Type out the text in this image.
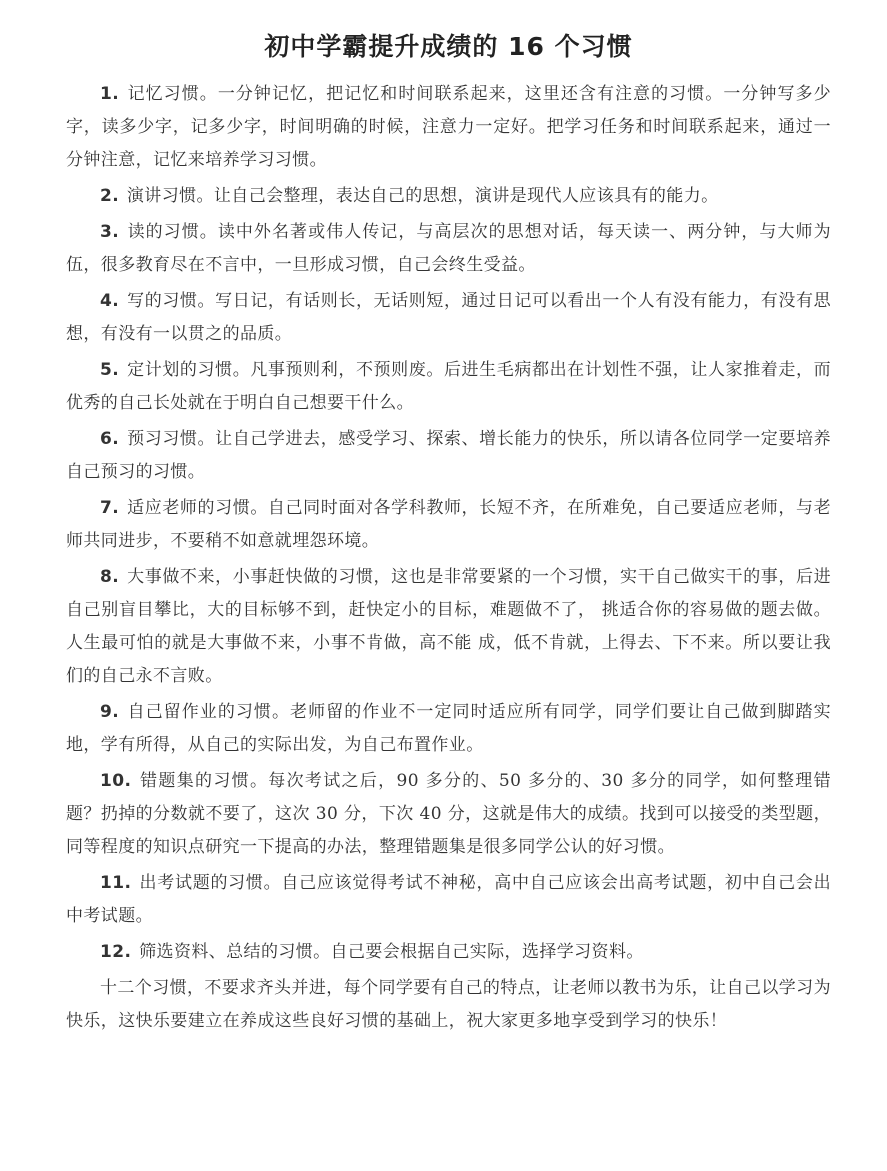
初中学霸提升成绩的 16 个习惯

1. 记忆习惯。一分钟记忆，把记忆和时间联系起来，这里还含有注意的习惯。一分钟写多少字，读多少字，记多少字，时间明确的时候，注意力一定好。把学习任务和时间联系起来，通过一分钟注意，记忆来培养学习习惯。

2. 演讲习惯。让自己会整理，表达自己的思想，演讲是现代人应该具有的能力。

3. 读的习惯。读中外名著或伟人传记，与高层次的思想对话，每天读一、两分钟，与大师为伍，很多教育尽在不言中，一旦形成习惯，自己会终生受益。

4. 写的习惯。写日记，有话则长，无话则短，通过日记可以看出一个人有没有能力，有没有思想，有没有一以贯之的品质。

5. 定计划的习惯。凡事预则利，不预则废。后进生毛病都出在计划性不强，让人家推着走，而优秀的自己长处就在于明白自己想要干什么。

6. 预习习惯。让自己学进去，感受学习、探索、增长能力的快乐，所以请各位同学一定要培养自己预习的习惯。

7. 适应老师的习惯。自己同时面对各学科教师，长短不齐，在所难免，自己要适应老师，与老师共同进步，不要稍不如意就埋怨环境。

8. 大事做不来，小事赶快做的习惯，这也是非常要紧的一个习惯，实干自己做实干的事，后进自己别盲目攀比，大的目标够不到，赶快定小的目标，难题做不了， 挑适合你的容易做的题去做。人生最可怕的就是大事做不来，小事不肯做，高不能 成，低不肯就，上得去、下不来。所以要让我们的自己永不言败。

9. 自己留作业的习惯。老师留的作业不一定同时适应所有同学，同学们要让自己做到脚踏实地，学有所得，从自己的实际出发，为自己布置作业。

10. 错题集的习惯。每次考试之后，90 多分的、50 多分的、30 多分的同学，如何整理错题？扔掉的分数就不要了，这次 30 分，下次 40 分，这就是伟大的成绩。找到可以接受的类型题，同等程度的知识点研究一下提高的办法，整理错题集是很多同学公认的好习惯。

11. 出考试题的习惯。自己应该觉得考试不神秘，高中自己应该会出高考试题，初中自己会出中考试题。

12. 筛选资料、总结的习惯。自己要会根据自己实际，选择学习资料。

十二个习惯，不要求齐头并进，每个同学要有自己的特点，让老师以教书为乐，让自己以学习为快乐，这快乐要建立在养成这些良好习惯的基础上，祝大家更多地享受到学习的快乐！
